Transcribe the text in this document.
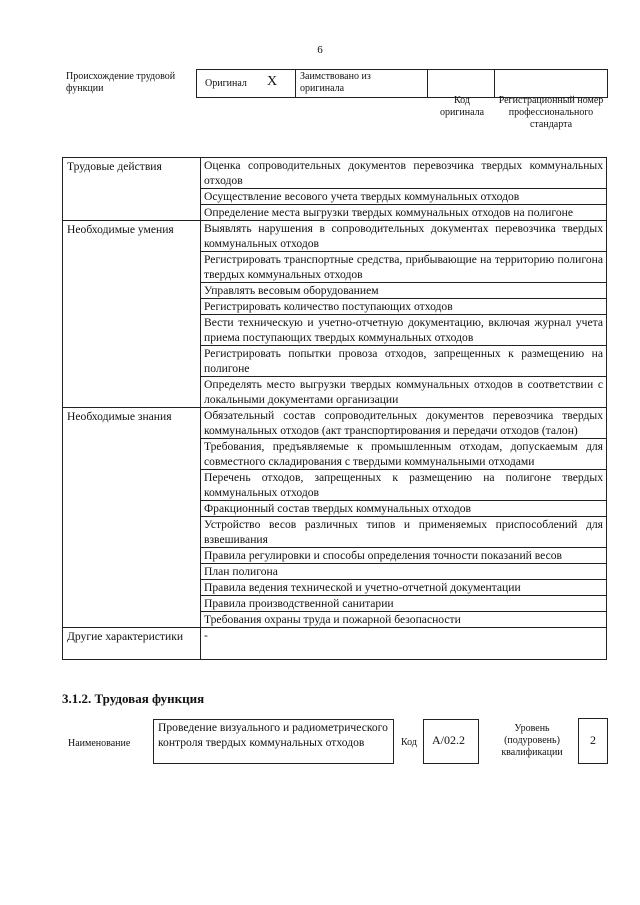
6
Происхождение трудовой функции	Оригинал X Заимствовано из оригинала
Код оригинала
Регистрационный номер профессионального стандарта
Трудовые действия	Оценка сопроводительных документов перевозчика твердых коммунальных отходов
	Осуществление весового учета твердых коммунальных отходов
	Определение места выгрузки твердых коммунальных отходов на полигоне
Необходимые умения	Выявлять нарушения в сопроводительных документах перевозчика твердых коммунальных отходов
	Регистрировать транспортные средства, прибывающие на территорию полигона твердых коммунальных отходов
	Управлять весовым оборудованием
	Регистрировать количество поступающих отходов
	Вести техническую и учетно-отчетную документацию, включая журнал учета приема поступающих твердых коммунальных отходов
	Регистрировать попытки провоза отходов, запрещенных к размещению на полигоне
	Определять место выгрузки твердых коммунальных отходов в соответствии с локальными документами организации
Необходимые знания	Обязательный состав сопроводительных документов перевозчика твердых коммунальных отходов (акт транспортирования и передачи отходов (талон)
	Требования, предъявляемые к промышленным отходам, допускаемым для совместного складирования с твердыми коммунальными отходами
	Перечень отходов, запрещенных к размещению на полигоне твердых коммунальных отходов
	Фракционный состав твердых коммунальных отходов
	Устройство весов различных типов и применяемых приспособлений для взвешивания
	Правила регулировки и способы определения точности показаний весов
	План полигона
	Правила ведения технической и учетно-отчетной документации
	Правила производственной санитарии
	Требования охраны труда и пожарной безопасности
Другие характеристики	-
3.1.2. Трудовая функция
Наименование
Проведение визуального и радиометрического контроля твердых коммунальных отходов	Код	А/02.2
Уровень (подуровень) квалификации
2
